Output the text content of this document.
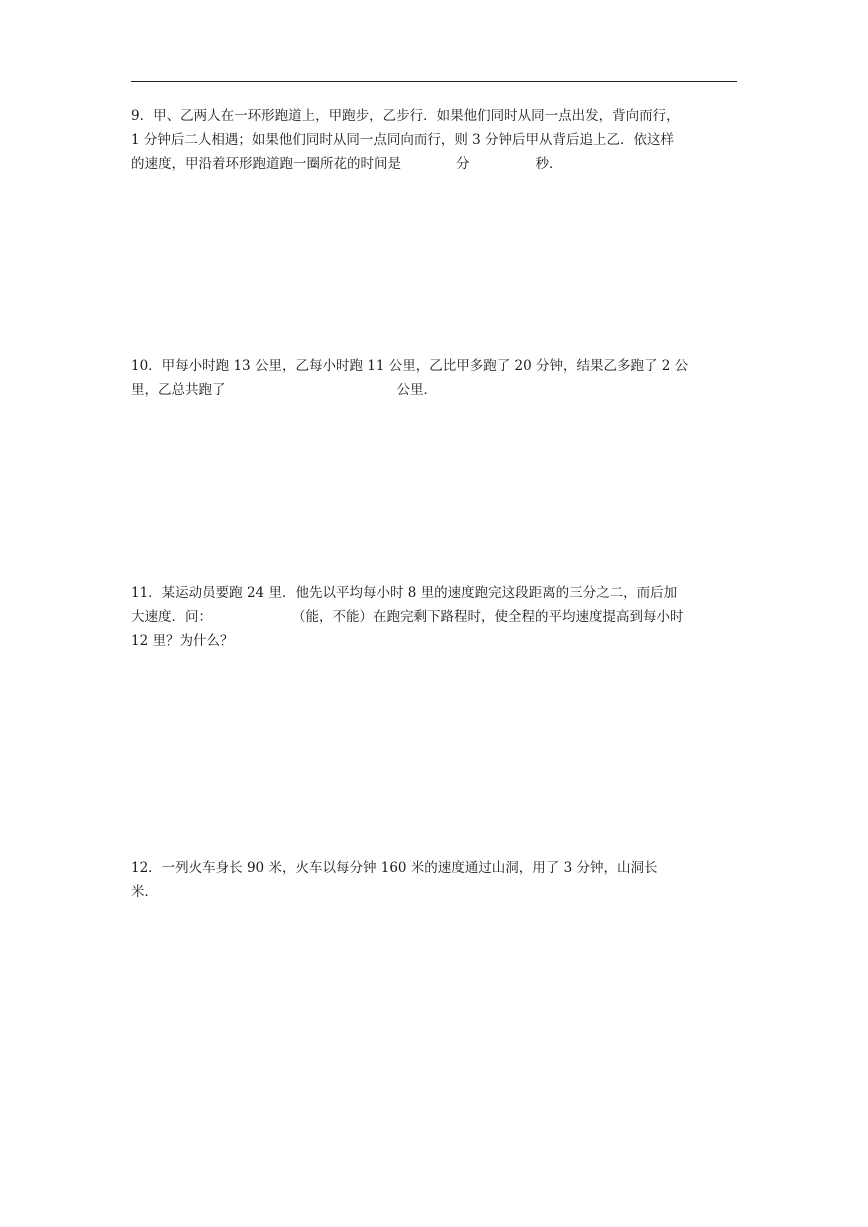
9．甲、乙两人在一环形跑道上，甲跑步，乙步行．如果他们同时从同一点出发，背向而行，
1 分钟后二人相遇；如果他们同时从同一点同向而行，则 3 分钟后甲从背后追上乙．依这样
的速度，甲沿着环形跑道跑一圈所花的时间是	分	秒．
10．甲每小时跑 13 公里，乙每小时跑 11 公里，乙比甲多跑了 20 分钟，结果乙多跑了 2 公
里，乙总共跑了	公里．
11．某运动员要跑 24 里．他先以平均每小时 8 里的速度跑完这段距离的三分之二，而后加
大速度．问：	（能，不能）在跑完剩下路程时，使全程的平均速度提高到每小时
12 里？为什么？
12．一列火车身长 90 米，火车以每分钟 160 米的速度通过山洞，用了 3 分钟，山洞长
米．
